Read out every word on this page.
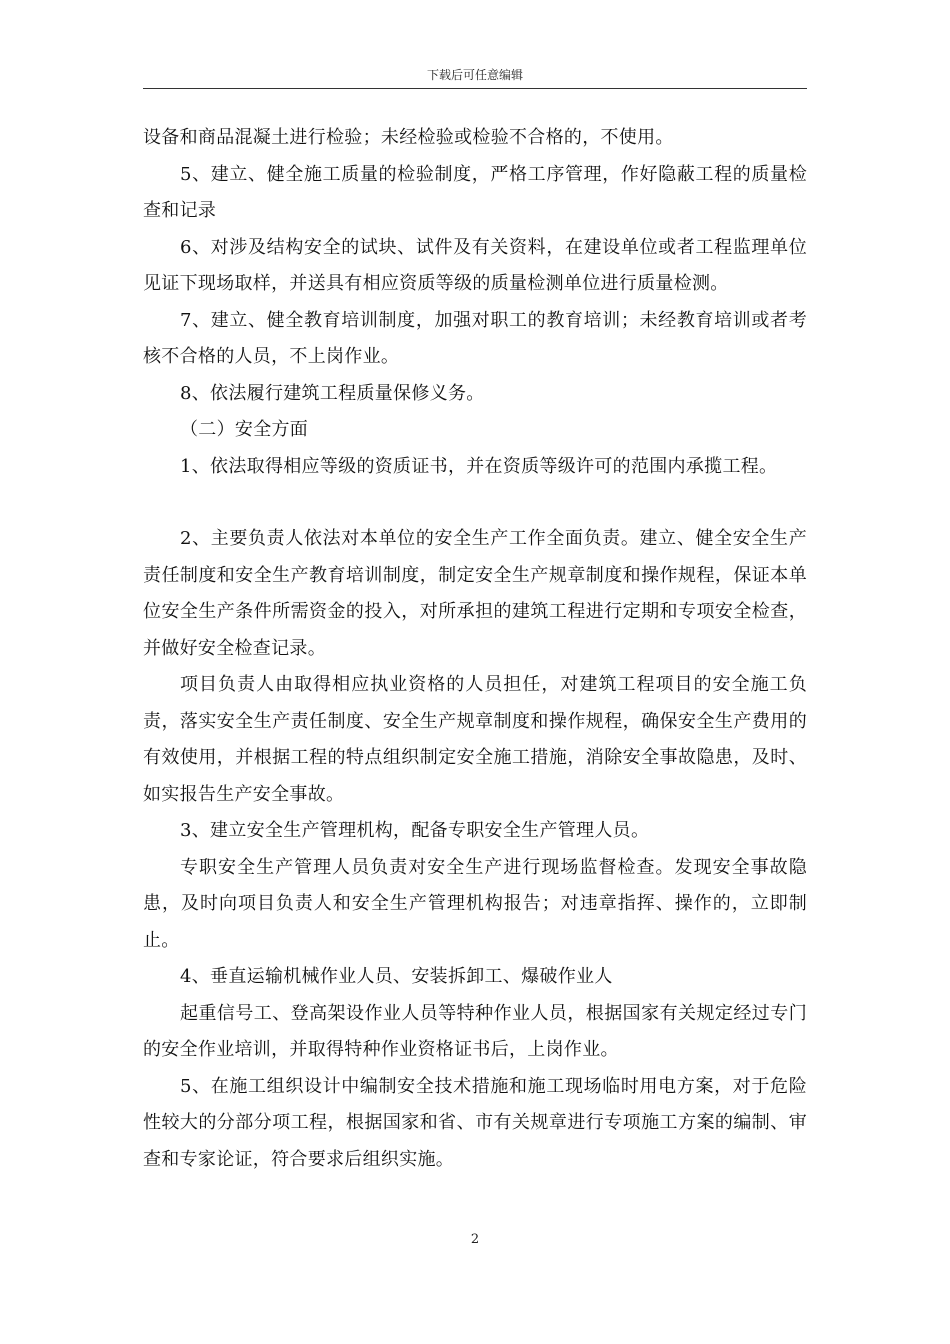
下载后可任意编辑

设备和商品混凝土进行检验；未经检验或检验不合格的，不使用。

5、建立、健全施工质量的检验制度，严格工序管理，作好隐蔽工程的质量检查和记录

6、对涉及结构安全的试块、试件及有关资料，在建设单位或者工程监理单位见证下现场取样，并送具有相应资质等级的质量检测单位进行质量检测。

7、建立、健全教育培训制度，加强对职工的教育培训；未经教育培训或者考核不合格的人员，不上岗作业。

8、依法履行建筑工程质量保修义务。

（二）安全方面

1、依法取得相应等级的资质证书，并在资质等级许可的范围内承揽工程。

2、主要负责人依法对本单位的安全生产工作全面负责。建立、健全安全生产责任制度和安全生产教育培训制度，制定安全生产规章制度和操作规程，保证本单位安全生产条件所需资金的投入，对所承担的建筑工程进行定期和专项安全检查，并做好安全检查记录。

项目负责人由取得相应执业资格的人员担任，对建筑工程项目的安全施工负责，落实安全生产责任制度、安全生产规章制度和操作规程，确保安全生产费用的有效使用，并根据工程的特点组织制定安全施工措施，消除安全事故隐患，及时、如实报告生产安全事故。

3、建立安全生产管理机构，配备专职安全生产管理人员。

专职安全生产管理人员负责对安全生产进行现场监督检查。发现安全事故隐患，及时向项目负责人和安全生产管理机构报告；对违章指挥、操作的，立即制止。

4、垂直运输机械作业人员、安装拆卸工、爆破作业人

起重信号工、登高架设作业人员等特种作业人员，根据国家有关规定经过专门的安全作业培训，并取得特种作业资格证书后，上岗作业。

5、在施工组织设计中编制安全技术措施和施工现场临时用电方案，对于危险性较大的分部分项工程，根据国家和省、市有关规章进行专项施工方案的编制、审查和专家论证，符合要求后组织实施。

2
